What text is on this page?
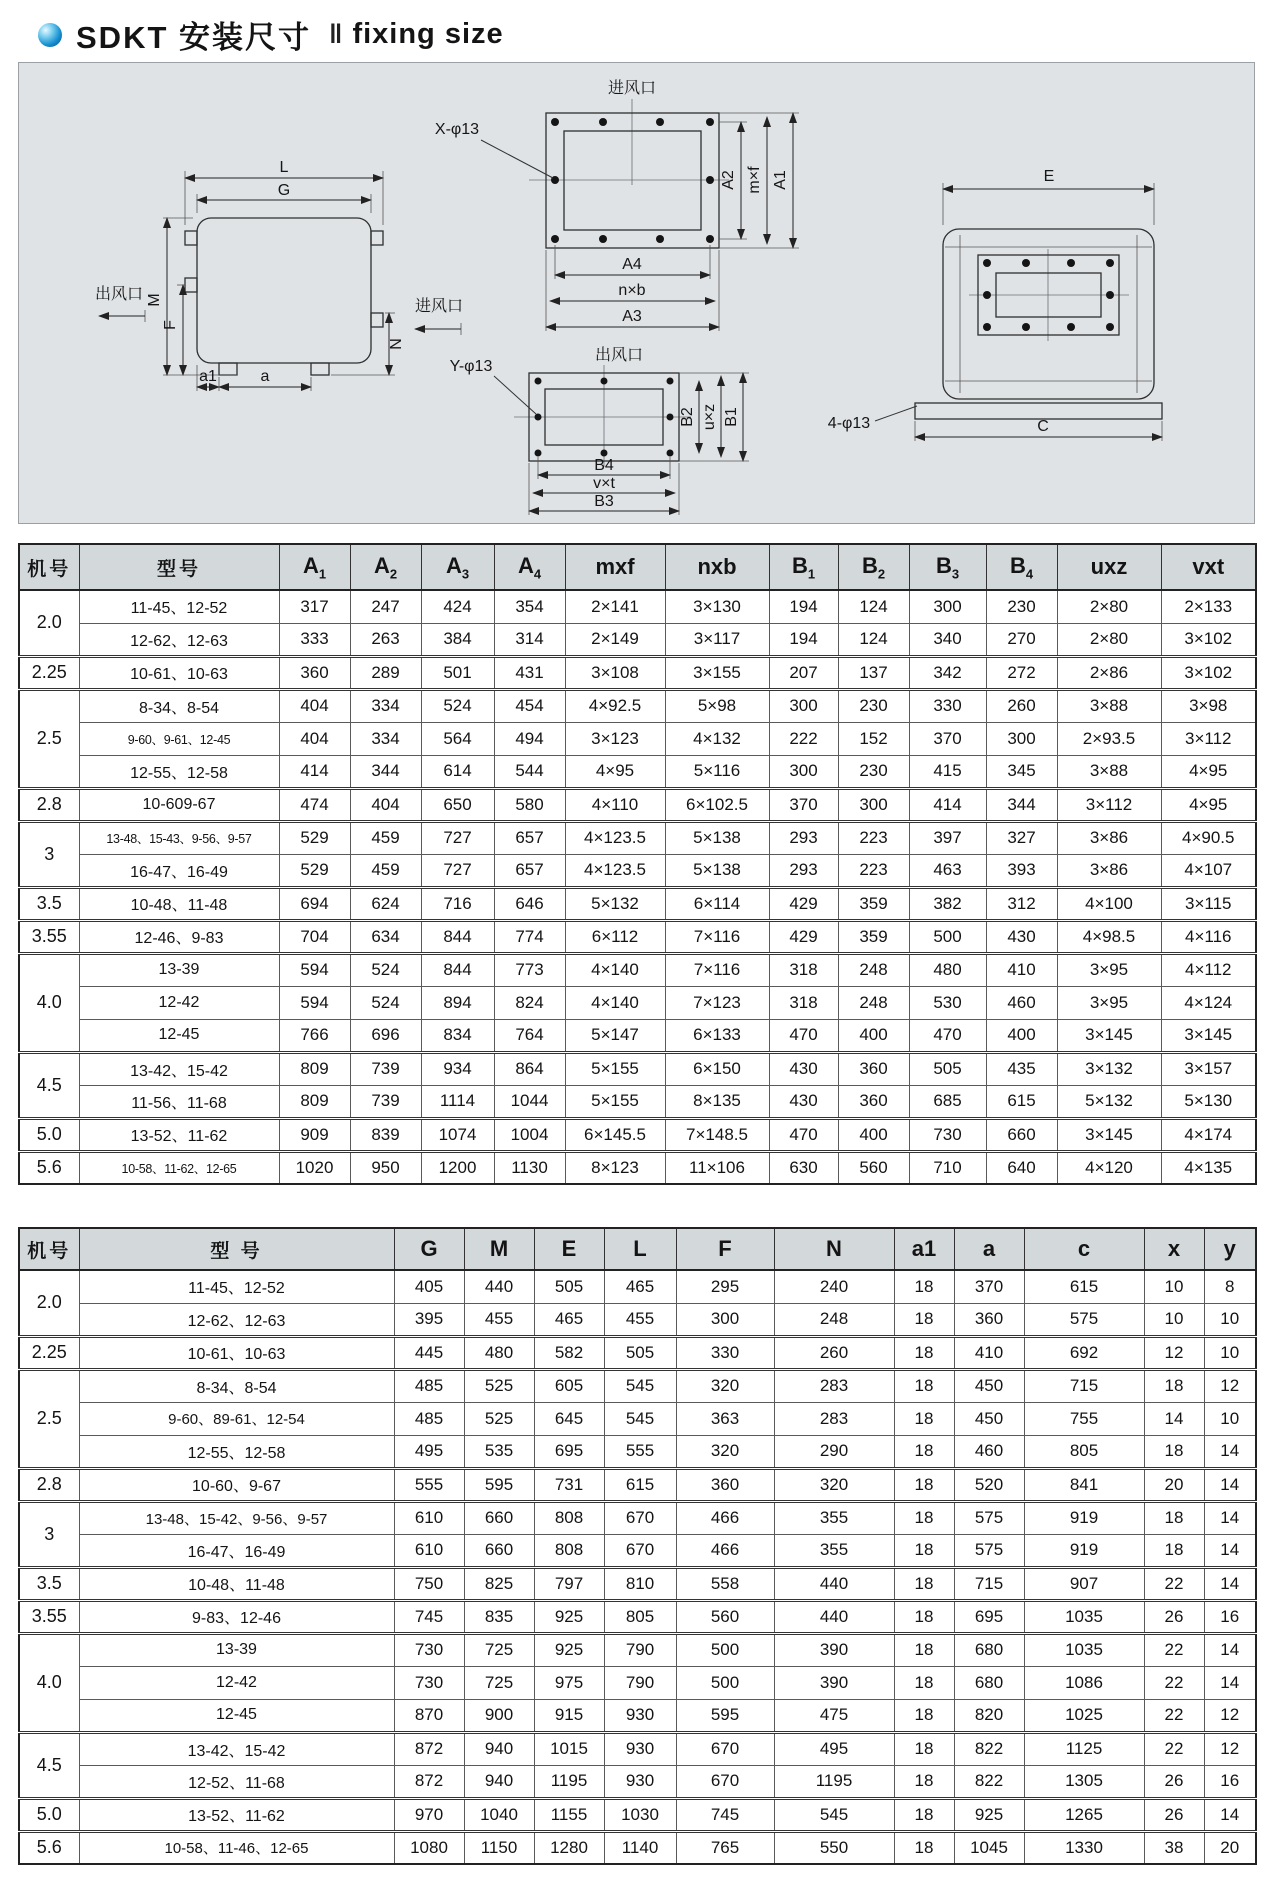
SDKT 安装尺寸 ‖ fixing size
L
G
M
F
N
出风口
进风口
a1	a
进风口
X-φ13
A2 m×f A1
A4
n×b
A3
出风口
Y-φ13
B2 u×z B1
B4
v×t
B3
E
4-φ13	C
机号	型号	$A_1$	$A_2$	$A_3$	$A_4$	mxf	nxb	$B_1$	$B_2$	$B_3$	$B_4$	uxz	vxt
2.0	11-45、12-52	317	247	424	354	2×141	3×130	194	124	300	230	2×80	2×133
	12-62、12-63	333	263	384	314	2×149	3×117	194	124	340	270	2×80	3×102
2.25	10-61、10-63	360	289	501	431	3×108	3×155	207	137	342	272	2×86	3×102
2.5	8-34、8-54	404	334	524	454	4×92.5	5×98	300	230	330	260	3×88	3×98
	9-60、9-61、12-45	404	334	564	494	3×123	4×132	222	152	370	300	2×93.5	3×112
	12-55、12-58	414	344	614	544	4×95	5×116	300	230	415	345	3×88	4×95
2.8	10-609-67	474	404	650	580	4×110	6×102.5	370	300	414	344	3×112	4×95
3	13-48、15-43、9-56、9-57	529	459	727	657	4×123.5	5×138	293	223	397	327	3×86	4×90.5
	16-47、16-49	529	459	727	657	4×123.5	5×138	293	223	463	393	3×86	4×107
3.5	10-48、11-48	694	624	716	646	5×132	6×114	429	359	382	312	4×100	3×115
3.55	12-46、9-83	704	634	844	774	6×112	7×116	429	359	500	430	4×98.5	4×116
4.0	13-39	594	524	844	773	4×140	7×116	318	248	480	410	3×95	4×112
	12-42	594	524	894	824	4×140	7×123	318	248	530	460	3×95	4×124
	12-45	766	696	834	764	5×147	6×133	470	400	470	400	3×145	3×145
4.5	13-42、15-42	809	739	934	864	5×155	6×150	430	360	505	435	3×132	3×157
	11-56、11-68	809	739	1114	1044	5×155	8×135	430	360	685	615	5×132	5×130
5.0	13-52、11-62	909	839	1074	1004	6×145.5	7×148.5	470	400	730	660	3×145	4×174
5.6	10-58、11-62、12-65	1020	950	1200	1130	8×123	11×106	630	560	710	640	4×120	4×135
机号	型 号	G	M	E	L	F	N	a1	a	c	x	y
2.0	11-45、12-52	405	440	505	465	295	240	18	370	615	10	8
	12-62、12-63	395	455	465	455	300	248	18	360	575	10	10
2.25	10-61、10-63	445	480	582	505	330	260	18	410	692	12	10
2.5	8-34、8-54	485	525	605	545	320	283	18	450	715	18	12
	9-60、89-61、12-54	485	525	645	545	363	283	18	450	755	14	10
	12-55、12-58	495	535	695	555	320	290	18	460	805	18	14
2.8	10-60、9-67	555	595	731	615	360	320	18	520	841	20	14
3	13-48、15-42、9-56、9-57	610	660	808	670	466	355	18	575	919	18	14
	16-47、16-49	610	660	808	670	466	355	18	575	919	18	14
3.5	10-48、11-48	750	825	797	810	558	440	18	715	907	22	14
3.55	9-83、12-46	745	835	925	805	560	440	18	695	1035	26	16
4.0	13-39	730	725	925	790	500	390	18	680	1035	22	14
	12-42	730	725	975	790	500	390	18	680	1086	22	14
	12-45	870	900	915	930	595	475	18	820	1025	22	12
4.5	13-42、15-42	872	940	1015	930	670	495	18	822	1125	22	12
	12-52、11-68	872	940	1195	930	670	1195	18	822	1305	26	16
5.0	13-52、11-62	970	1040	1155	1030	745	545	18	925	1265	26	14
5.6	10-58、11-46、12-65	1080	1150	1280	1140	765	550	18	1045	1330	38	20
